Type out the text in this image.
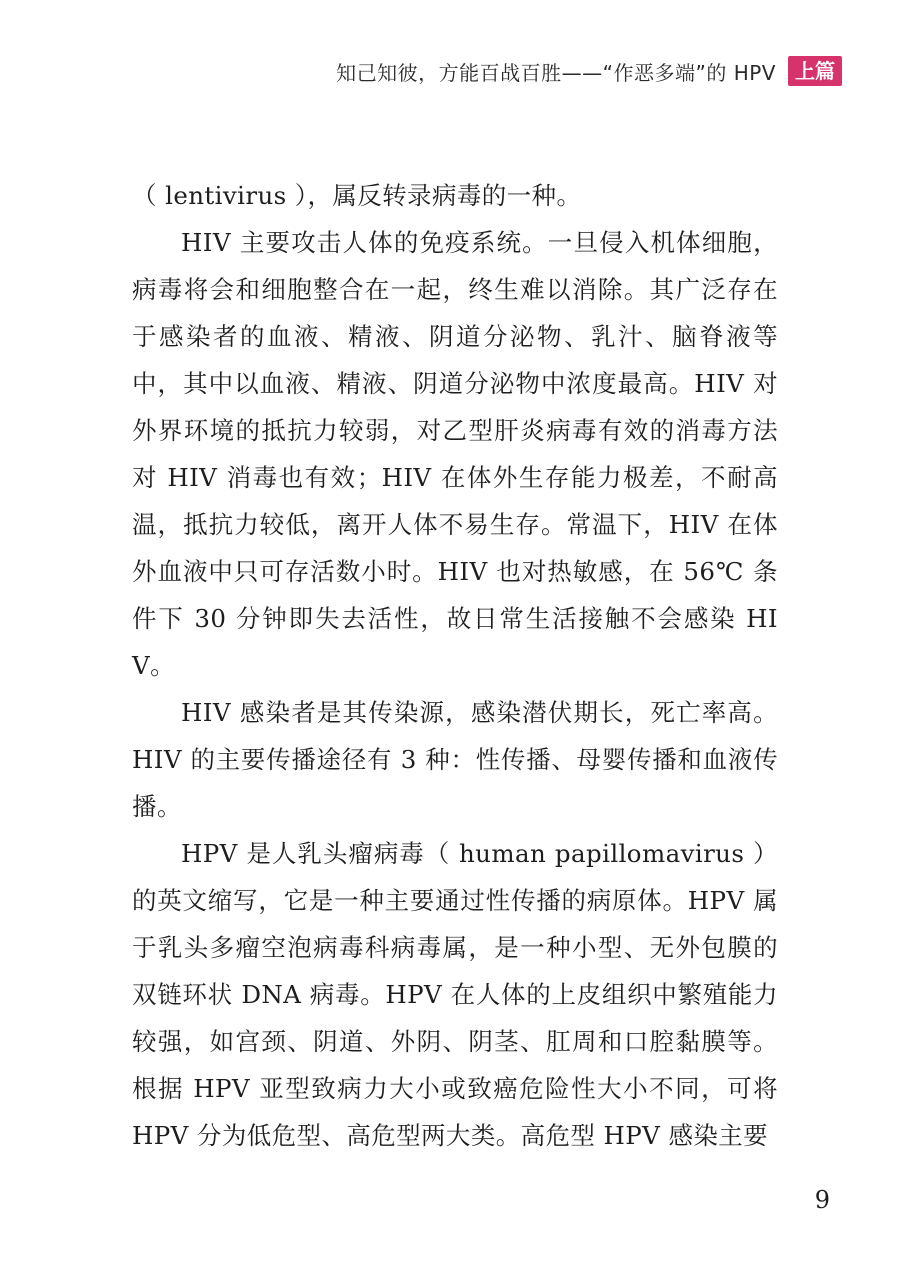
知己知彼，方能百战百胜——“作恶多端”的 HPV 上篇

（ lentivirus ），属反转录病毒的一种。

HIV 主要攻击人体的免疫系统。一旦侵入机体细胞，病毒将会和细胞整合在一起，终生难以消除。其广泛存在于感染者的血液、精液、阴道分泌物、乳汁、脑脊液等中，其中以血液、精液、阴道分泌物中浓度最高。HIV 对外界环境的抵抗力较弱，对乙型肝炎病毒有效的消毒方法对 HIV 消毒也有效；HIV 在体外生存能力极差，不耐高温，抵抗力较低，离开人体不易生存。常温下，HIV 在体外血液中只可存活数小时。HIV 也对热敏感，在 56℃ 条件下 30 分钟即失去活性，故日常生活接触不会感染 HIV。

HIV 感染者是其传染源，感染潜伏期长，死亡率高。HIV 的主要传播途径有 3 种：性传播、母婴传播和血液传播。

HPV 是人乳头瘤病毒（ human papillomavirus ）的英文缩写，它是一种主要通过性传播的病原体。HPV 属于乳头多瘤空泡病毒科病毒属，是一种小型、无外包膜的双链环状 DNA 病毒。HPV 在人体的上皮组织中繁殖能力较强，如宫颈、阴道、外阴、阴茎、肛周和口腔黏膜等。根据 HPV 亚型致病力大小或致癌危险性大小不同，可将 HPV 分为低危型、高危型两大类。高危型 HPV 感染主要

9
